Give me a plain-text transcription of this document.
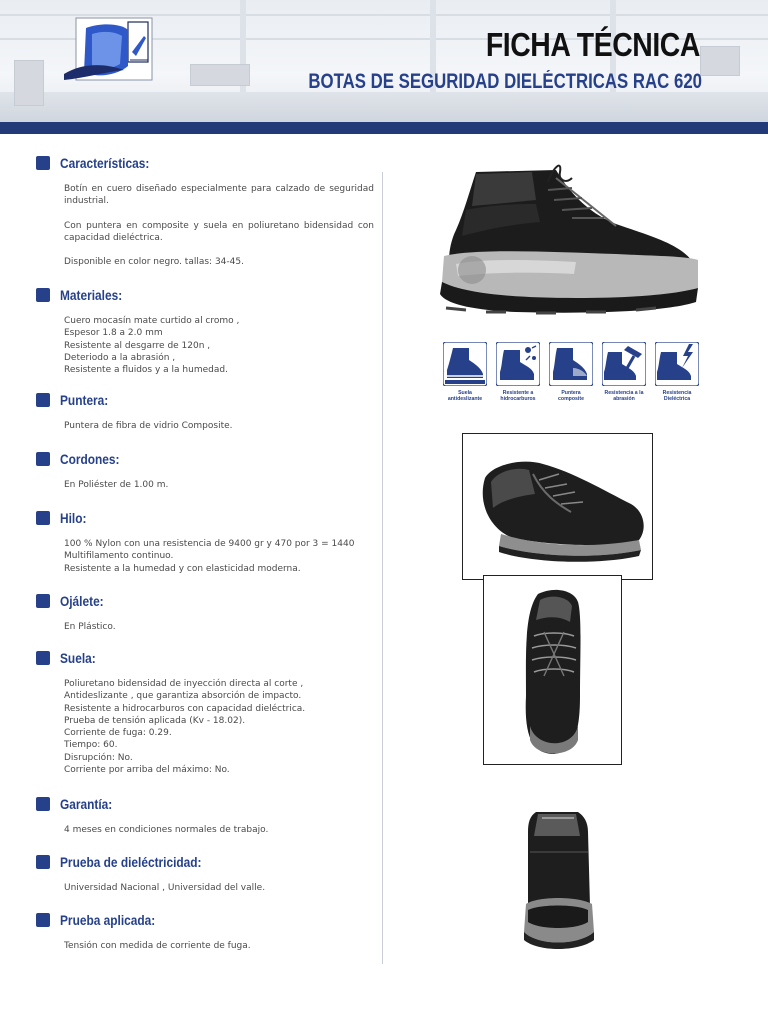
FICHA TÉCNICA
BOTAS DE SEGURIDAD DIELÉCTRICAS RAC 620
Características:

Botín en cuero diseñado especialmente para calzado de seguridad industrial.

Con puntera en composite y suela en poliuretano bidensidad con capacidad dieléctrica.

Disponible en color negro. tallas: 34-45.

Materiales:
Cuero mocasín mate curtido al cromo ,
Espesor 1.8 a 2.0 mm
Resistente al desgarre de 120n ,
Deteriodo a la abrasión ,
Resistente a fluidos y a la humedad.
Puntera:
Puntera de fibra de vidrio Composite.
Cordones:
En Poliéster de 1.00 m.
Hilo:
100 % Nylon con una resistencia de 9400 gr y 470 por 3 = 1440
Multifilamento continuo.
Resistente a la humedad y con elasticidad moderna.
Ojálete:
En Plástico.
Suela:
Poliuretano bidensidad de inyección directa al corte ,
Antideslizante , que garantiza absorción de impacto.
Resistente a hidrocarburos con capacidad dieléctrica.
Prueba de tensión aplicada (Kv - 18.02).
Corriente de fuga: 0.29.
Tiempo: 60.
Disrupción: No.
Corriente por arriba del máximo: No.
Garantía:
4 meses en condiciones normales de trabajo.
Prueba de dieléctricidad:
Universidad Nacional , Universidad del valle.
Prueba aplicada:
Tensión con medida de corriente de fuga.
Suela
antideslizante
Resistente a
hidrocarburos
Puntera
composite
Resistencia a la
abrasión
Resistencia
Dieléctrica
